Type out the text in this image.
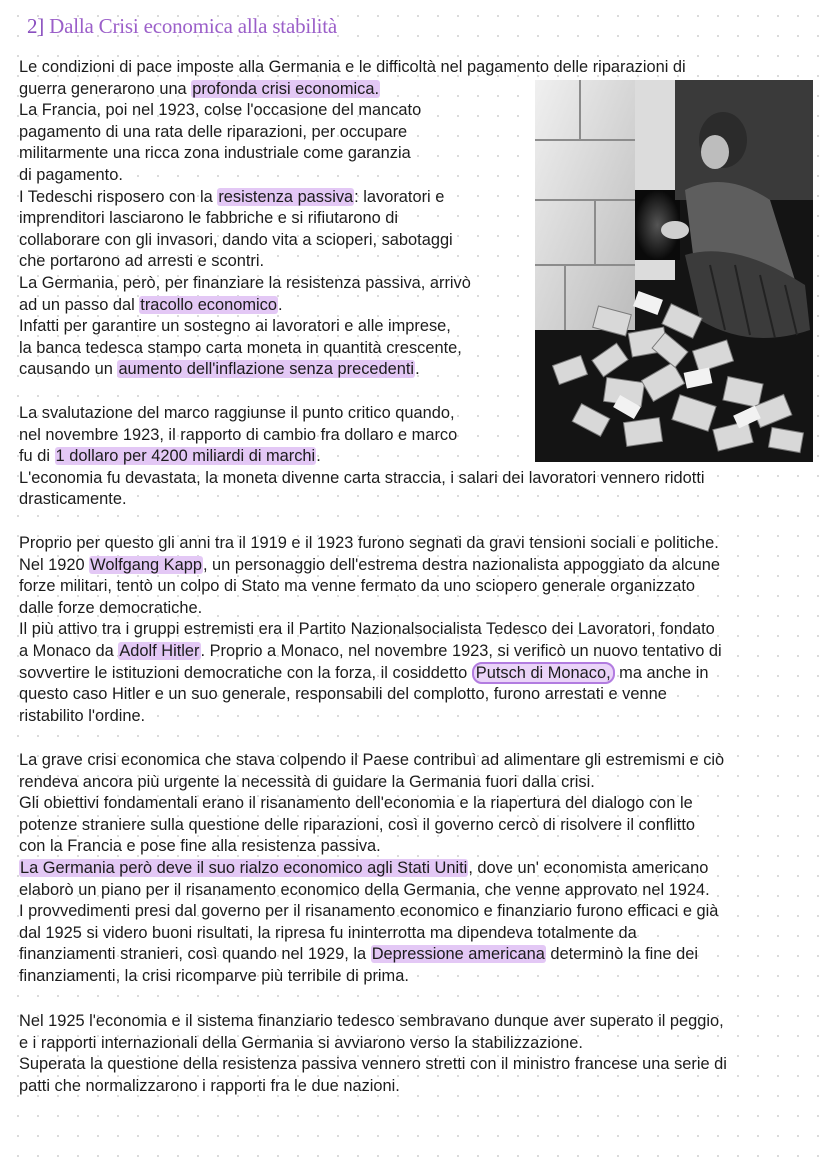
2] Dalla Crisi economica alla stabilità
Le condizioni di pace imposte alla Germania e le difficoltà nel pagamento delle riparazioni di
guerra generarono una profonda crisi economica.
La Francia, poi nel 1923, colse l'occasione del mancato
pagamento di una rata delle riparazioni, per occupare
militarmente una ricca zona industriale come garanzia
di pagamento.
I Tedeschi risposero con la resistenza passiva: lavoratori e
imprenditori lasciarono le fabbriche e si rifiutarono di
collaborare con gli invasori, dando vita a scioperi, sabotaggi
che portarono ad arresti e scontri.
La Germania, però, per finanziare la resistenza passiva, arrivò
ad un passo dal tracollo economico.
Infatti per garantire un sostegno ai lavoratori e alle imprese,
la banca tedesca stampo carta moneta in quantità crescente,
causando un aumento dell'inflazione senza precedenti.
La svalutazione del marco raggiunse il punto critico quando,
nel novembre 1923, il rapporto di cambio fra dollaro e marco
fu di 1 dollaro per 4200 miliardi di marchi.
L'economia fu devastata, la moneta divenne carta straccia, i salari dei lavoratori vennero ridotti
drasticamente.
Proprio per questo gli anni tra il 1919 e il 1923 furono segnati da gravi tensioni sociali e politiche.
Nel 1920 Wolfgang Kapp, un personaggio dell'estrema destra nazionalista appoggiato da alcune
forze militari, tentò un colpo di Stato ma venne fermato da uno sciopero generale organizzato
dalle forze democratiche.
Il più attivo tra i gruppi estremisti era il Partito Nazionalsocialista Tedesco dei Lavoratori, fondato
a Monaco da Adolf Hitler. Proprio a Monaco, nel novembre 1923, si verificò un nuovo tentativo di
sovvertire le istituzioni democratiche con la forza, il cosiddetto Putsch di Monaco, ma anche in
questo caso Hitler e un suo generale, responsabili del complotto, furono arrestati e venne
ristabilito l'ordine.
La grave crisi economica che stava colpendo il Paese contribuì ad alimentare gli estremismi e ciò
rendeva ancora più urgente la necessità di guidare la Germania fuori dalla crisi.
Gli obiettivi fondamentali erano il risanamento dell'economia e la riapertura del dialogo con le
potenze straniere sulla questione delle riparazioni, così il governo cercò di risolvere il conflitto
con la Francia e pose fine alla resistenza passiva.
La Germania però deve il suo rialzo economico agli Stati Uniti, dove un' economista americano
elaborò un piano per il risanamento economico della Germania, che venne approvato nel 1924.
I provvedimenti presi dal governo per il risanamento economico e finanziario furono efficaci e già
dal 1925 si videro buoni risultati, la ripresa fu ininterrotta ma dipendeva totalmente da
finanziamenti stranieri, così quando nel 1929, la Depressione americana determinò la fine dei
finanziamenti, la crisi ricomparve più terribile di prima.
Nel 1925 l'economia e il sistema finanziario tedesco sembravano dunque aver superato il peggio,
e i rapporti internazionali della Germania si avviarono verso la stabilizzazione.
Superata la questione della resistenza passiva vennero stretti con il ministro francese una serie di
patti che normalizzarono i rapporti fra le due nazioni.
